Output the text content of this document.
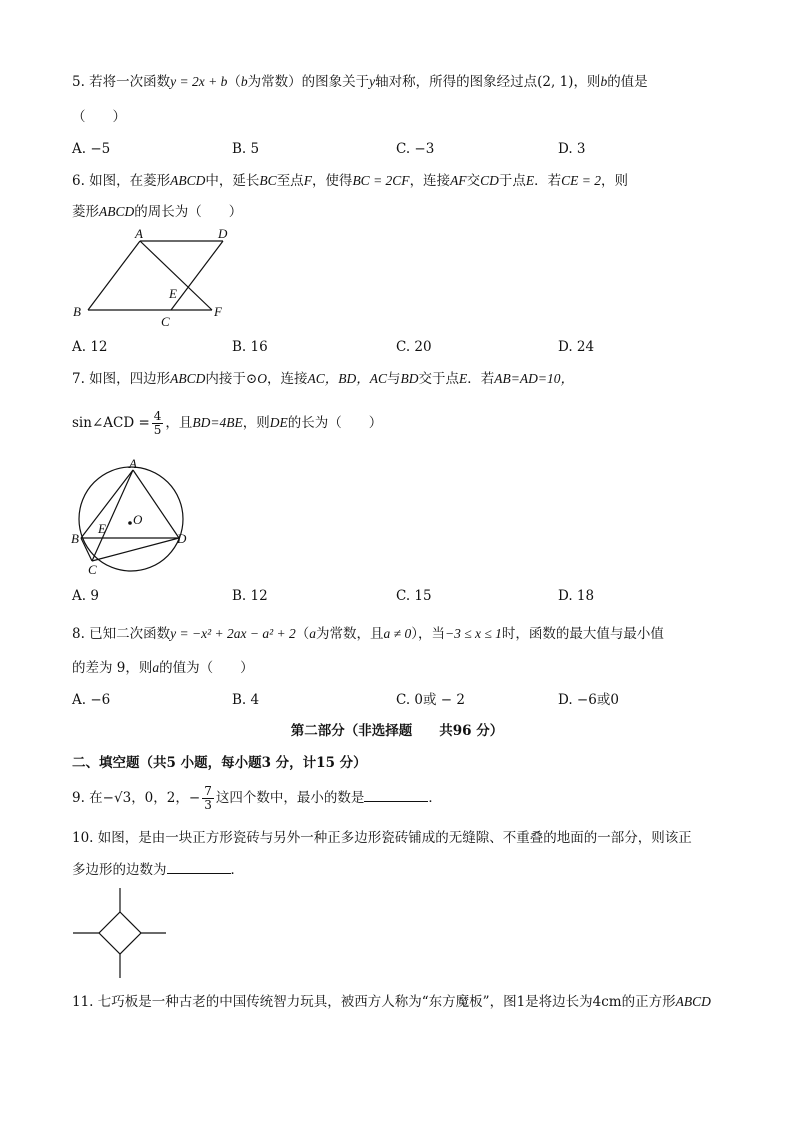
5. 若将一次函数y = 2x + b（b为常数）的图象关于y轴对称，所得的图象经过点(2, 1)，则b的值是
（　　）
A. −5	B. 5	C. −3	D. 3
6. 如图，在菱形ABCD中，延长BC至点F，使得BC = 2CF，连接AF交CD于点E．若CE = 2，则
菱形ABCD的周长为（　　）
A	D
B
C
E
F
A. 12	B. 16	C. 20	D. 24
7. 如图，四边形ABCD内接于⊙O，连接AC，BD，AC与BD交于点E．若AB=AD=10，
sin∠ACD = $\frac{4}{5}$ ，且BD=4BE，则DE的长为（　　）
A
B
C
D
E
O
A. 9	B. 12	C. 15	D. 18
8. 已知二次函数y = −x² + 2ax − a² + 2（a为常数，且a ≠ 0），当−3 ≤ x ≤ 1时，函数的最大值与最小值
的差为 9，则a的值为（　　）
A. −6	B. 4	C. 0或 − 2	D. −6或0
第二部分（非选择题　　共96 分）
二、填空题（共5 小题，每小题3 分，计15 分）
9. 在−√3，0，2，− $\frac{7}{3}$ 这四个数中，最小的数是	．
10. 如图，是由一块正方形瓷砖与另外一种正多边形瓷砖铺成的无缝隙、不重叠的地面的一部分，则该正
多边形的边数为	．
11. 七巧板是一种古老的中国传统智力玩具，被西方人称为“东方魔板”，图1是将边长为4cm的正方形ABCD
